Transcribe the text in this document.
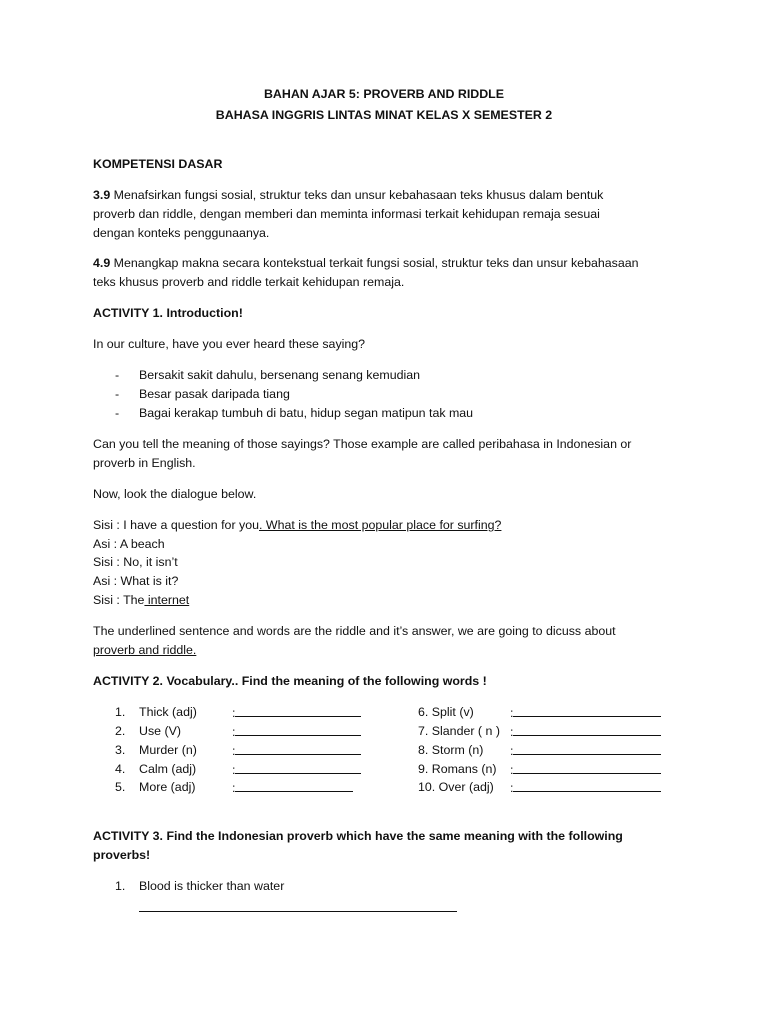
BAHAN AJAR 5: PROVERB AND RIDDLE
BAHASA INGGRIS LINTAS MINAT KELAS X SEMESTER 2
KOMPETENSI DASAR
3.9 Menafsirkan fungsi sosial, struktur teks dan unsur kebahasaan teks khusus dalam bentuk
proverb dan riddle, dengan memberi dan meminta informasi terkait kehidupan remaja sesuai
dengan konteks penggunaanya.
4.9 Menangkap makna secara kontekstual terkait fungsi sosial, struktur teks dan unsur kebahasaan
teks khusus proverb and riddle terkait kehidupan remaja.
ACTIVITY 1. Introduction!
In our culture, have you ever heard these saying?
- Bersakit sakit dahulu, bersenang senang kemudian
- Besar pasak daripada tiang
- Bagai kerakap tumbuh di batu, hidup segan matipun tak mau
Can you tell the meaning of those sayings? Those example are called peribahasa in Indonesian or
proverb in English.
Now, look the dialogue below.
Sisi : I have a question for you. What is the most popular place for surfing?
Asi : A beach
Sisi : No, it isn’t
Asi : What is it?
Sisi : The internet
The underlined sentence and words are the riddle and it’s answer, we are going to dicuss about
proverb and riddle.
ACTIVITY 2. Vocabulary.. Find the meaning of the following words !
1. Thick (adj)	:
2. Use (V)	:
3. Murder (n)	:
4. Calm (adj)	:
5. More (adj)	:
6. Split (v)	:
7. Slander ( n ) :
8. Storm (n) :
9. Romans (n) :
10. Over (adj) :
ACTIVITY 3. Find the Indonesian proverb which have the same meaning with the following
proverbs!
1. Blood is thicker than water
